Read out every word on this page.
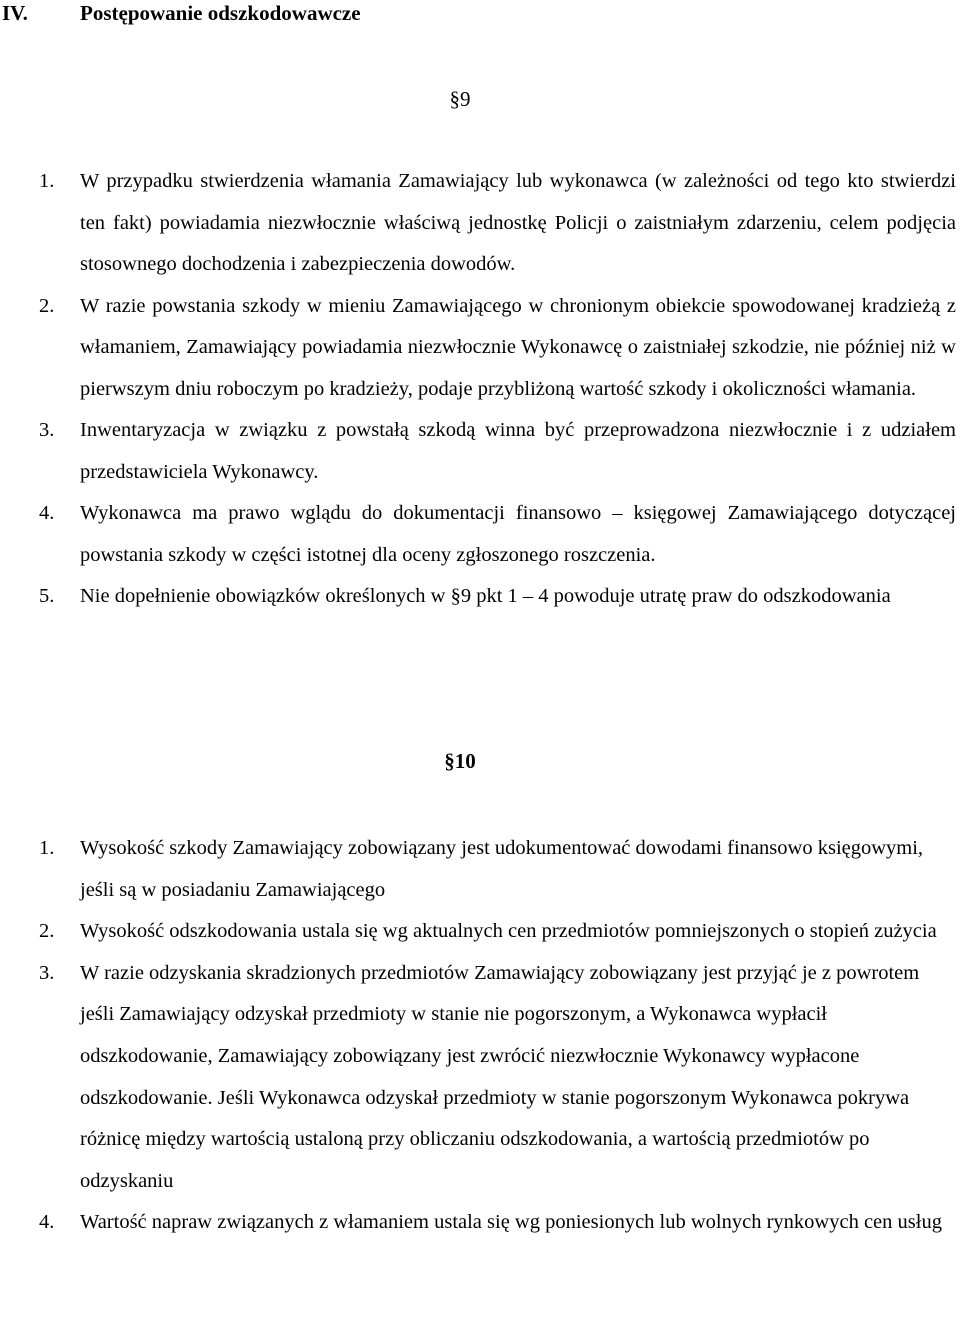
IV. Postępowanie odszkodowawcze
§9
1. W przypadku stwierdzenia włamania Zamawiający lub wykonawca (w zależności od tego kto stwierdzi ten fakt) powiadamia niezwłocznie właściwą jednostkę Policji o zaistniałym zdarzeniu, celem podjęcia stosownego dochodzenia i zabezpieczenia dowodów.
2. W razie powstania szkody w mieniu Zamawiającego w chronionym obiekcie spowodowanej kradzieżą z włamaniem, Zamawiający powiadamia niezwłocznie Wykonawcę o zaistniałej szkodzie, nie później niż w pierwszym dniu roboczym po kradzieży, podaje przybliżoną wartość szkody i okoliczności włamania.
3. Inwentaryzacja w związku z powstałą szkodą winna być przeprowadzona niezwłocznie i z udziałem przedstawiciela Wykonawcy.
4. Wykonawca ma prawo wglądu do dokumentacji finansowo – księgowej Zamawiającego dotyczącej powstania szkody w części istotnej dla oceny zgłoszonego roszczenia.
5. Nie dopełnienie obowiązków określonych w §9 pkt 1 – 4 powoduje utratę praw do odszkodowania
§10
1. Wysokość szkody Zamawiający zobowiązany jest udokumentować dowodami finansowo księgowymi, jeśli są w posiadaniu Zamawiającego
2. Wysokość odszkodowania ustala się wg aktualnych cen przedmiotów pomniejszonych o stopień zużycia
3. W razie odzyskania skradzionych przedmiotów Zamawiający zobowiązany jest przyjąć je z powrotem jeśli Zamawiający odzyskał przedmioty w stanie nie pogorszonym, a Wykonawca wypłacił odszkodowanie, Zamawiający zobowiązany jest zwrócić niezwłocznie Wykonawcy wypłacone odszkodowanie. Jeśli Wykonawca odzyskał przedmioty w stanie pogorszonym Wykonawca pokrywa różnicę między wartością ustaloną przy obliczaniu odszkodowania, a wartością przedmiotów po odzyskaniu
4. Wartość napraw związanych z włamaniem ustala się wg poniesionych lub wolnych rynkowych cen usług
